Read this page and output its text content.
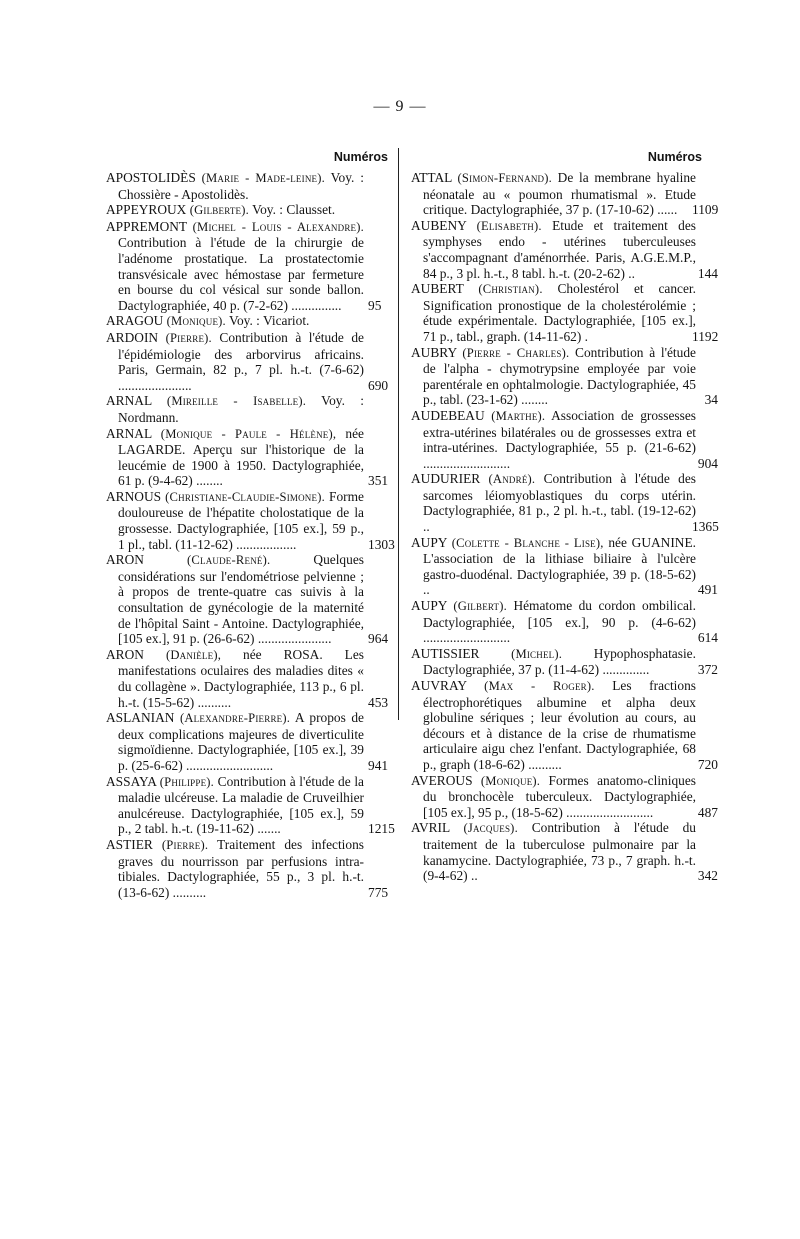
— 9 —
Numéros
APOSTOLIDÈS (Marie - Made-leine). Voy. : Chossière - Apostolidès.
APPEYROUX (Gilberte). Voy. : Clausset.
APPREMONT (Michel - Louis - Alexandre). Contribution à l'étude de la chirurgie de l'adénome prostatique. La prostatectomie transvésicale avec hémostase par fermeture en bourse du col vésical sur sonde ballon. Dactylographiée, 40 p. (7-2-62) ............... 95
ARAGOU (Monique). Voy. : Vicariot.
ARDOIN (Pierre). Contribution à l'étude de l'épidémiologie des arborvirus africains. Paris, Germain, 82 p., 7 pl. h.-t. (7-6-62) ......................	690
ARNAL (Mireille - Isabelle). Voy. : Nordmann.
ARNAL (Monique - Paule - Hélène), née LAGARDE. Aperçu sur l'historique de la leucémie de 1900 à 1950. Dactylographiée, 61 p. (9-4-62) ........	351
ARNOUS (Christiane-Claudie-Simone). Forme douloureuse de l'hépatite cholostatique de la grossesse. Dactylographiée, [105 ex.], 59 p., 1 pl., tabl. (11-12-62) ..................	1303
ARON	(Claude-René).	Quelques considérations sur l'endométriose pelvienne ; à propos de trente-quatre cas suivis à la consultation de gynécologie de la maternité de l'hôpital Saint - Antoine. Dactylographiée, [105 ex.], 91 p. (26-6-62) ......................	964
ARON (Danièle), née ROSA. Les manifestations oculaires des maladies dites « du collagène ». Dactylographiée, 113 p., 6 pl. h.-t. (15-5-62) ..........	453
ASLANIAN (Alexandre-Pierre). A propos de deux complications majeures de diverticulite sigmoïdienne. Dactylographiée, [105 ex.], 39 p. (25-6-62) ..........................	941
ASSAYA (Philippe). Contribution à l'étude de la maladie ulcéreuse. La maladie de Cruveilhier anulcéreuse. Dactylographiée, [105 ex.], 59 p., 2 tabl. h.-t. (19-11-62) .......	1215
ASTIER (Pierre). Traitement des infections graves du nourrisson par perfusions intra-tibiales. Dactylographiée, 55 p., 3 pl. h.-t. (13-6-62) ..........	775
Numéros
ATTAL (Simon-Fernand). De la membrane hyaline néonatale au « poumon rhumatismal ». Etude critique. Dactylographiée, 37 p. (17-10-62) ...... 1109
AUBENY (Elisabeth). Etude et traitement des symphyses endo - utérines tuberculeuses s'accompagnant d'aménorrhée. Paris, A.G.E.M.P., 84 p., 3 pl. h.-t., 8 tabl. h.-t. (20-2-62) ..	144
AUBERT (Christian). Cholestérol et cancer. Signification pronostique de la cholestérolémie ; étude expérimentale. Dactylographiée, [105 ex.], 71 p., tabl., graph. (14-11-62) .	1192
AUBRY (Pierre - Charles). Contribution à l'étude de l'alpha - chymotrypsine employée par voie parentérale en ophtalmologie. Dactylographiée, 45 p., tabl. (23-1-62) ........	34
AUDEBEAU (Marthe). Association de grossesses extra-utérines bilatérales ou de grossesses extra et intra-utérines. Dactylographiée, 55 p. (21-6-62) ..........................	904
AUDURIER (André). Contribution à l'étude des sarcomes léiomyoblastiques du corps utérin. Dactylographiée, 81 p., 2 pl. h.-t., tabl. (19-12-62) ..	1365
AUPY (Colette - Blanche - Lise), née GUANINE. L'association de la lithiase biliaire à l'ulcère gastro-duodénal. Dactylographiée, 39 p. (18-5-62) ..	491
AUPY (Gilbert). Hématome du cordon ombilical. Dactylographiée, [105 ex.], 90 p. (4-6-62) ..........................	614
AUTISSIER	(Michel). Hypophosphatasie. Dactylographiée, 37 p. (11-4-62) ..............	372
AUVRAY (Max - Roger). Les fractions électrophorétiques albumine et alpha deux globuline sériques ; leur évolution au cours, au décours et à distance de la crise de rhumatisme articulaire aigu chez l'enfant. Dactylographiée, 68 p., graph (18-6-62) ..........	720
AVEROUS (Monique). Formes anatomo-cliniques du bronchocèle tuberculeux. Dactylographiée, [105 ex.], 95 p., (18-5-62) ..........................	487
AVRIL (Jacques). Contribution à l'étude du traitement de la tuberculose pulmonaire par la kanamycine. Dactylographiée, 73 p., 7 graph. h.-t. (9-4-62) ..	342
